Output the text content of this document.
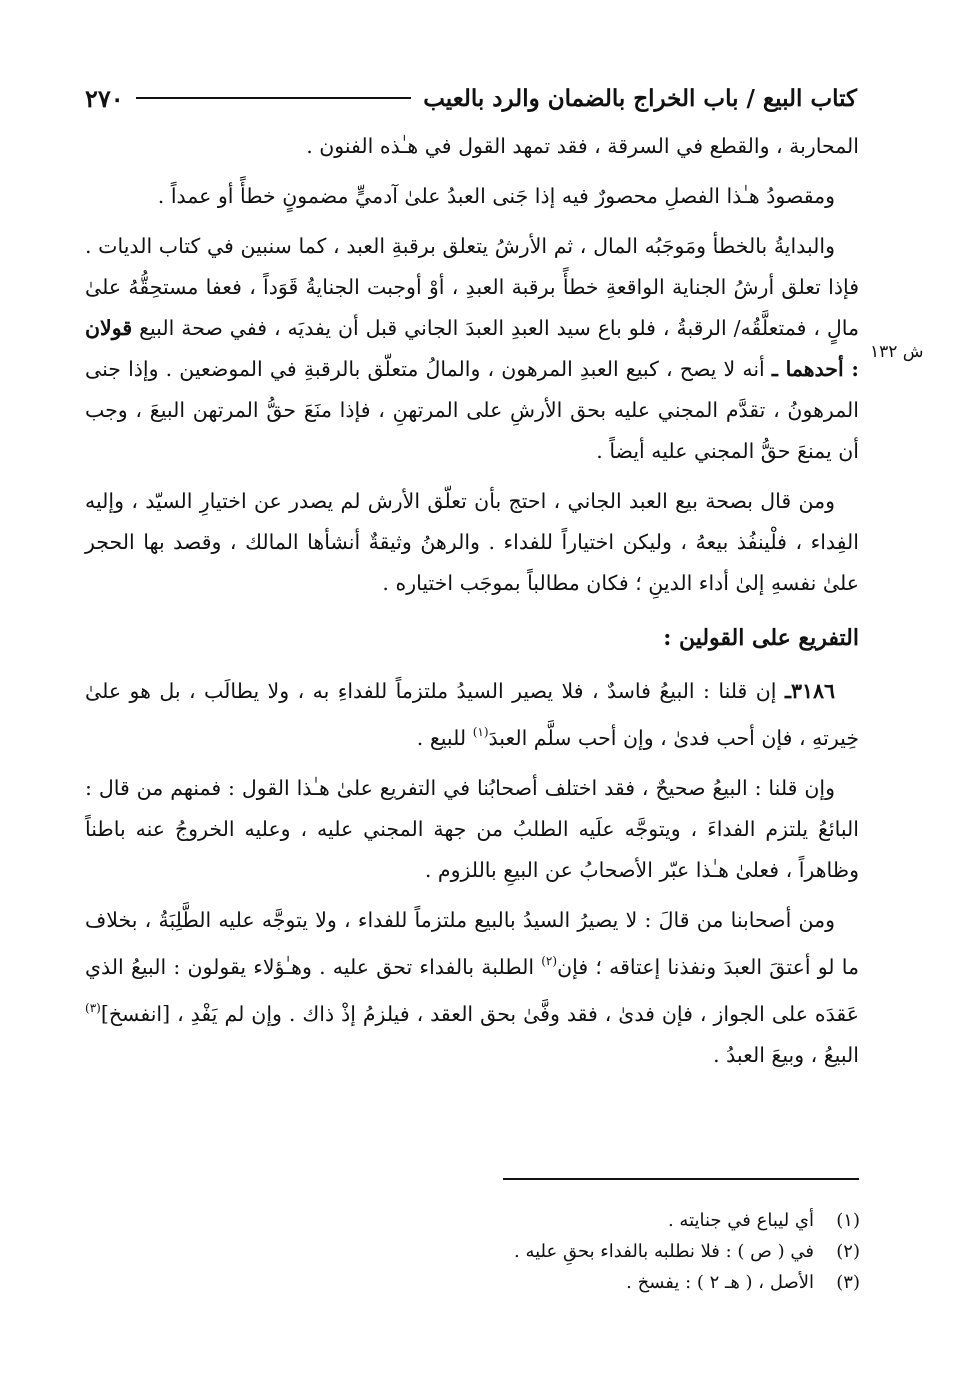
كتاب البيع / باب الخراج بالضمان والرد بالعيب
٢٧٠
ش ١٣٢

المحاربة ، والقطع في السرقة ، فقد تمهد القول في هـٰذه الفنون .

ومقصودُ هـٰذا الفصلِ محصورٌ فيه إذا جَنى العبدُ علىٰ آدميٍّ مضمونٍ خطأً أو عمداً .

والبدايةُ بالخطأ ومَوجَبُه المال ، ثم الأرشُ يتعلق برقبةِ العبد ، كما سنبين في كتاب الديات . فإذا تعلق أرشُ الجناية الواقعةِ خطأً برقبة العبدِ ، أوْ أوجبت الجنايةُ قَوَداً ، فعفا مستحِقُّهُ علىٰ مالٍ ، فمتعلَّقُه/ الرقبةُ ، فلو باع سيد العبدِ العبدَ الجاني قبل أن يفديَه ، ففي صحة البيع قولان : أحدهما ـ أنه لا يصح ، كبيع العبدِ المرهون ، والمالُ متعلّق بالرقبةِ في الموضعين . وإذا جنى المرهونُ ، تقدَّم المجني عليه بحق الأرشِ على المرتهنِ ، فإذا منَعَ حقُّ المرتهن البيعَ ، وجب أن يمنعَ حقُّ المجني عليه أيضاً .

ومن قال بصحة بيع العبد الجاني ، احتج بأن تعلّق الأرش لم يصدر عن اختيارِ السيّد ، وإليه الفِداء ، فلْينفُذ بيعهُ ، وليكن اختياراً للفداء . والرهنُ وثيقةٌ أنشأها المالك ، وقصد بها الحجر علىٰ نفسهِ إلىٰ أداء الدينِ ؛ فكان مطالباً بموجَب اختياره .

التفريع على القولين :

٣١٨٦ـ إن قلنا : البيعُ فاسدٌ ، فلا يصير السيدُ ملتزماً للفداءِ به ، ولا يطالَب ، بل هو علىٰ خِيرتهِ ، فإن أحب فدىٰ ، وإن أحب سلَّم العبدَ$^{(١)}$ للبيع .

وإن قلنا : البيعُ صحيحٌ ، فقد اختلف أصحابُنا في التفريع علىٰ هـٰذا القول : فمنهم من قال : البائعُ يلتزم الفداءَ ، ويتوجَّه علَيه الطلبُ من جهة المجني عليه ، وعليه الخروجُ عنه باطناً وظاهراً ، فعلىٰ هـٰذا عبّر الأصحابُ عن البيعِ باللزوم .

ومن أصحابنا من قالَ : لا يصيرُ السيدُ بالبيع ملتزماً للفداء ، ولا يتوجَّه عليه الطَّلِبَةُ ، بخلاف ما لو أعتقَ العبدَ ونفذنا إعتاقه ؛ فإن$^{(٢)}$ الطلبة بالفداء تحق عليه . وهـٰؤلاء يقولون : البيعُ الذي عَقدَه على الجواز ، فإن فدىٰ ، فقد وفَّىٰ بحق العقد ، فيلزمُ إذْ ذاك . وإن لم يَفْدِ ، [انفسخ]$^{(٣)}$ البيعُ ، وبيعَ العبدُ .

(١)
أي ليباع في جنايته .
(٢)
في ( ص ) : فلا نطلبه بالفداء بحقِ عليه .
(٣)
الأصل ، ( هـ ٢ ) : يفسخ .
